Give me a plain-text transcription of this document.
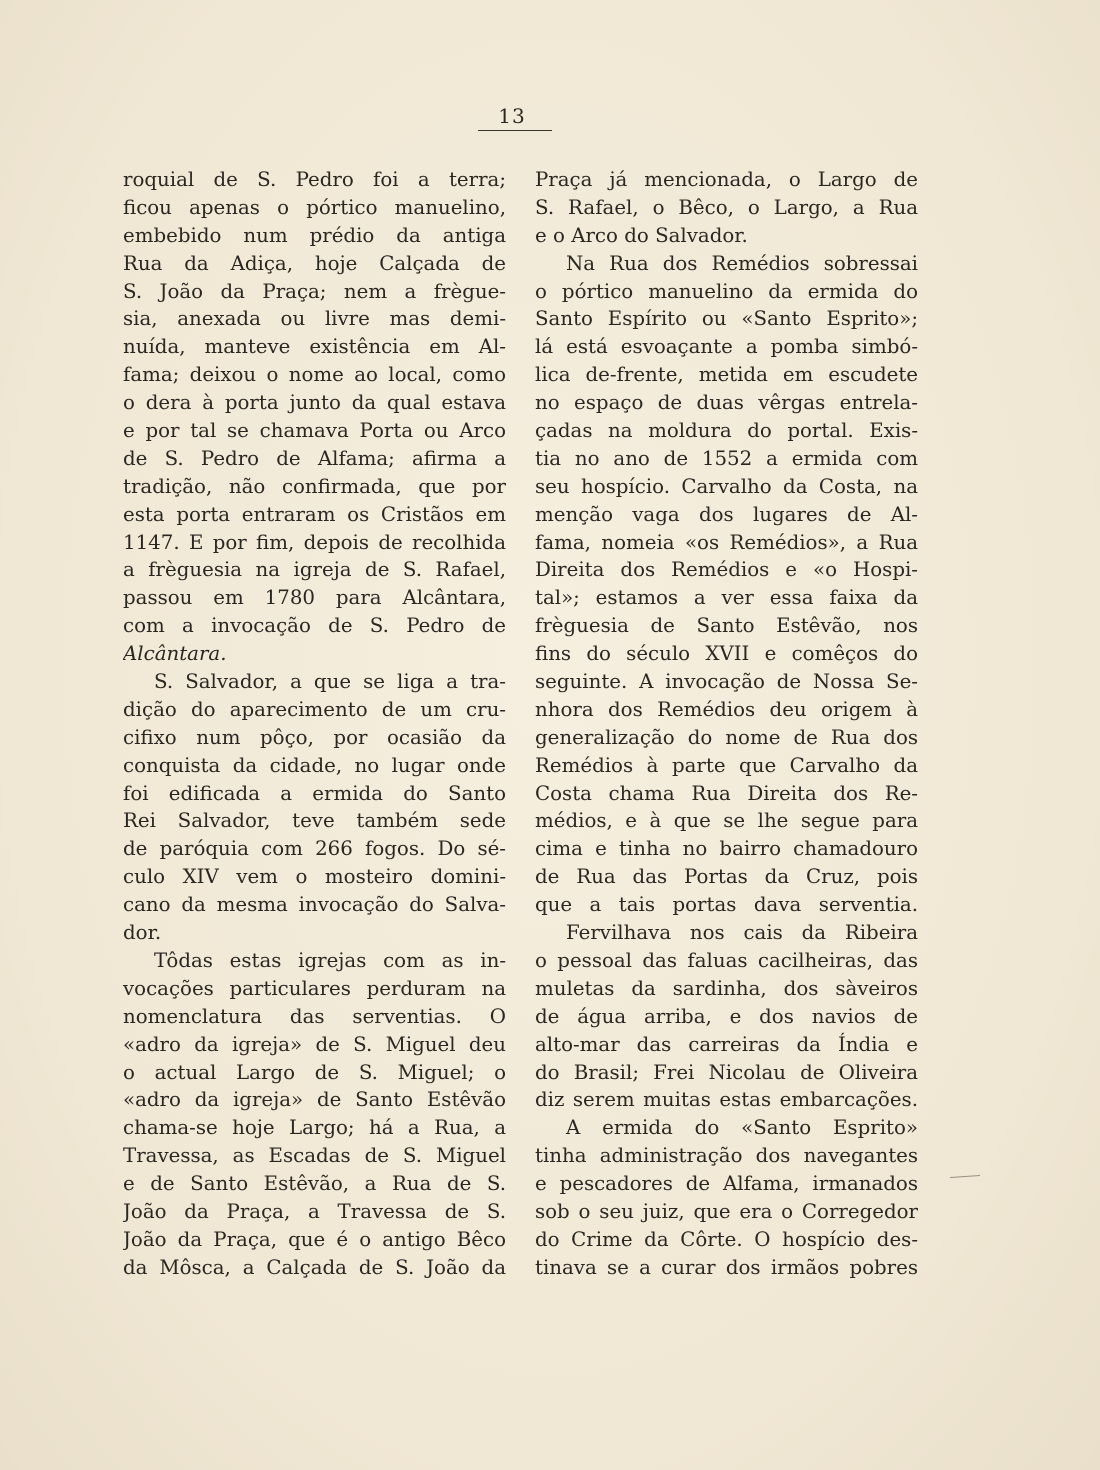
13
roquial de S. Pedro foi a terra;
ficou apenas o pórtico manuelino,
embebido num prédio da antiga
Rua da Adiça, hoje Calçada de
S. João da Praça; nem a frègue-
sia, anexada ou livre mas demi-
nuída, manteve existência em Al-
fama; deixou o nome ao local, como
o dera à porta junto da qual estava
e por tal se chamava Porta ou Arco
de S. Pedro de Alfama; afirma a
tradição, não confirmada, que por
esta porta entraram os Cristãos em
1147. E por fim, depois de recolhida
a frèguesia na igreja de S. Rafael,
passou em 1780 para Alcântara,
com a invocação de S. Pedro de
Alcântara.
S. Salvador, a que se liga a tra-
dição do aparecimento de um cru-
cifixo num pôço, por ocasião da
conquista da cidade, no lugar onde
foi edificada a ermida do Santo
Rei Salvador, teve também sede
de paróquia com 266 fogos. Do sé-
culo XIV vem o mosteiro domini-
cano da mesma invocação do Salva-
dor.
Tôdas estas igrejas com as in-
vocações particulares perduram na
nomenclatura das serventias. O
«adro da igreja» de S. Miguel deu
o actual Largo de S. Miguel; o
«adro da igreja» de Santo Estêvão
chama-se hoje Largo; há a Rua, a
Travessa, as Escadas de S. Miguel
e de Santo Estêvão, a Rua de S.
João da Praça, a Travessa de S.
João da Praça, que é o antigo Bêco
da Môsca, a Calçada de S. João da
Praça já mencionada, o Largo de
S. Rafael, o Bêco, o Largo, a Rua
e o Arco do Salvador.
Na Rua dos Remédios sobressai
o pórtico manuelino da ermida do
Santo Espírito ou «Santo Esprito»;
lá está esvoaçante a pomba simbó-
lica de-frente, metida em escudete
no espaço de duas vêrgas entrela-
çadas na moldura do portal. Exis-
tia no ano de 1552 a ermida com
seu hospício. Carvalho da Costa, na
menção vaga dos lugares de Al-
fama, nomeia «os Remédios», a Rua
Direita dos Remédios e «o Hospi-
tal»; estamos a ver essa faixa da
frèguesia de Santo Estêvão, nos
fins do século XVII e comêços do
seguinte. A invocação de Nossa Se-
nhora dos Remédios deu origem à
generalização do nome de Rua dos
Remédios à parte que Carvalho da
Costa chama Rua Direita dos Re-
médios, e à que se lhe segue para
cima e tinha no bairro chamadouro
de Rua das Portas da Cruz, pois
que a tais portas dava serventia.
Fervilhava nos cais da Ribeira
o pessoal das faluas cacilheiras, das
muletas da sardinha, dos sàveiros
de água arriba, e dos navios de
alto-mar das carreiras da Índia e
do Brasil; Frei Nicolau de Oliveira
diz serem muitas estas embarcações.
A ermida do «Santo Esprito»
tinha administração dos navegantes
e pescadores de Alfama, irmanados
sob o seu juiz, que era o Corregedor
do Crime da Côrte. O hospício des-
tinava se a curar dos irmãos pobres
